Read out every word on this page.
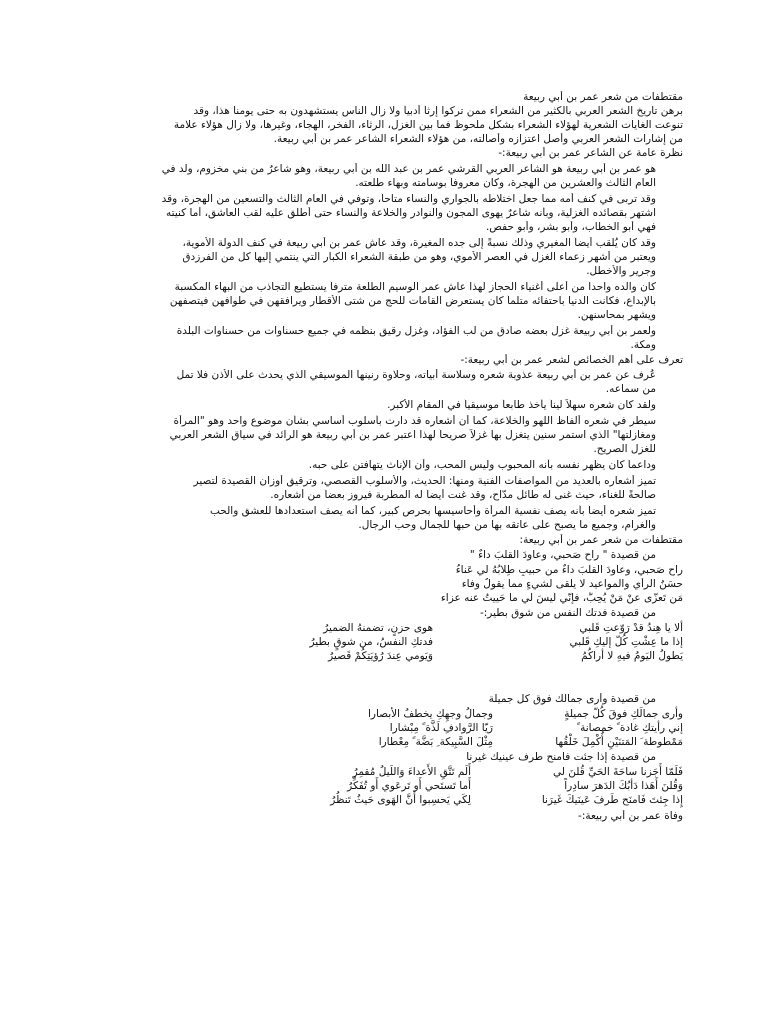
مقتطفات من شعر عمر بن أبي ربيعة

برهن تاريخ الشعر العربي بالكثير من الشعراء ممن تركوا إرثاً أدبياً ولا زال الناس يستشهدون به حتى يومنا هذا، وقد

تنوعت الغايات الشعرية لهؤلاء الشعراء بشكل ملحوظ فما بين الغزل، الرثاء، الفخر، الهجاء، وغيرها، ولا زال هؤلاء علامة

من إشارات الشعر العربي وأصل اعتزازه وأصالته، من هؤلاء الشعراء الشاعر عمر بن أبي ربيعة.

نظرة عامة عن الشاعر عمر بن أبي ربيعة:-

• هو عمر بن أبي ربيعة هو الشاعر العربي القرشي عمر بن عبد الله بن أبي ربيعة، وهو شاعرٌ من بني مخزوم، ولد في

العام الثالث والعشرين من الهجرة، وكان معروفاً بوسامته وبهاء طلعته.

• وقد تربى في كنف أمه مما جعل اختلاطه بالجواري والنساء متاحاً، وتوفي في العام الثالث والتسعين من الهجرة، وقد

اشتهر بقصائده الغزلية، وبأنه شاعرٌ يهوى المجون والنوادر والخلاعة والنساء حتى أُطلق عليه لقب العاشق، أما كنيته

فهي أبو الخطّاب، وأبو بشر، وأبو حفص.

• وقد كان يُلقب أيضاً المغيري وذلك نسبةً إلى جده المغيرة، وقد عاش عمر بن أبي ربيعة في كنف الدولة الأموية،

ويعتبر من أشهر زعماء الغزل في العصر الأموي، وهو من طبقة الشعراء الكبار التي ينتمي إليها كل من الفرزدق

وجرير والأخطل.

• كان والده واحداً من أعلى أغنياء الحجاز لهذا عاش عمر الوسيم الطلعة مترفاً يستطيع التجاذب من البهاء المكسبة

بالإبداع، فكانت الدنيا باحتفائه متلماً كان يستعرض القامات للحج من شتى الأقطار ويرافقهن في طوافهن فيتصفهن

ويشهر بمحاسنهن.

• ولعمر بن أبي ربيعة غزل بعضه صادق من لب الفؤاد، وغزل رقيق بنظمه في جميع حسناوات من حسناوات البلدة

ومكة.

تعرف على أهم الخصائص لشعر عمر بن أبي ربيعة:-

• عُرف عن عمر بن أبي ربيعة عذوبة شعره وسلاسة أبياته، وحلاوة رنينها الموسيقي الذي يحدث على الأذن فلا تمل

من سماعه.

• ولقد كان شعره سهلاً ليناً يأخذ طابعاً موسيقياً في المقام الأكبر.

• سيطر في شعره ألفاظ اللهو والخلاعة، كما أن أشعاره قد دارت بأسلوب أساسي بشأن موضوع واحد وهو "المرأة

ومغازلتها" الذي استمر سنين يتغزل بها غزلاً صريحاً لهذا اعتبر عمر بن أبي ربيعة هو الرائد في سياق الشعر العربي

للغزل الصريح.

• وداعماً كان يظهر نفسه بأنه المحبوب وليس المحب، وأن الإناث يتهافتن على حبه.

• تميز أشعاره بالعديد من المواصفات الفنية ومنها: الحديث، والأسلوب القصصي، وترقيق أوزان القصيدة لتصير

صالحةً للغناء، حيث غنى له طائل مدّاح، وقد غنت أيضاً له المطربة فيروز بعضاً من أشعاره.

• تميز شعره أيضاً بأنه يصف نفسية المرأة وأحاسيسها بحرص كبير، كما أنه يصف استعدادها للعشق والحب

والغرام، وجميع ما يصبح على عاتقه بها من حبها للجمال وحب الرجال.

مقتطفات من شعر عمر بن أبي ربيعة:

• من قصيدة " راح صَحبي، وعاودَ القلبَ داءٌ "

راح صَحبي، وعاودَ القلبَ داءٌ من حبيبٍ طِلابُهُ لي عَناءُ

حسَنُ الرأي والمواعيد لا يلقى لشيءٍ مما يقولُ وفاء

مَن تَعزّى عنْ مَنْ يُحِبُّ، فإنّي لَيسَ لي ما حَييتُ عنه عزاء

• من قصيدة فدتك النفس من شوق بطير:-

ألا يا هِندُ قدْ رَوّعتِ قَلبي
هوى حزنٍ، تضمنهُ الضميرُ
إذا ما عِشْتِ كُلّ إليكِ قَلبي
فدتكِ النفسُ، من شوقٍ بطيرُ
يَطولُ اليَومُ فيهِ لا أراكُمُ
وَيَومي عِندَ رُؤيَتِكُمْ قَصيرُ

• من قصيدة وأرى جمالك فوق كل جميلة

وأرى جمالَكِ فوقَ كُلّ جميلةٍ
وجمالُ وجهِكِ يخطفُ الأبصارا
إني رأيتكِ غادة ً خمصانة ً
رَيّا الرَّوادفِ لَذَّة ً مِبْشارا
مَمْطوطة َ المَتنَيْنِ أُكْمِلَ خَلْقُها
مِثْلَ السَّبِيكة ِ بَضَّة ً مِعْطارا

• من قصيدة إذا جئت فامنح طرف عينيك غيرنا

فَلَمّا أَجَزنا ساحَةَ الحَيِّ قُلنَ لي
أَلَم تَتَّقِ الأَعداءَ وَاللَيلُ مُقمِرُ
وَقُلنَ أَهَذا دَأبُكَ الدَهرَ سادِراً
أَما تَستَحي أَو تَرعَوي أَو تُفَكِّرُ
إِذا جِئتَ فَامنَح طَرفَ عَينَيكَ غَيرَنا
لِكَي يَحسِبوا أَنَّ الهَوى حَيثُ تَنظُرُ

وفاة عمر بن أبي ربيعة:-
